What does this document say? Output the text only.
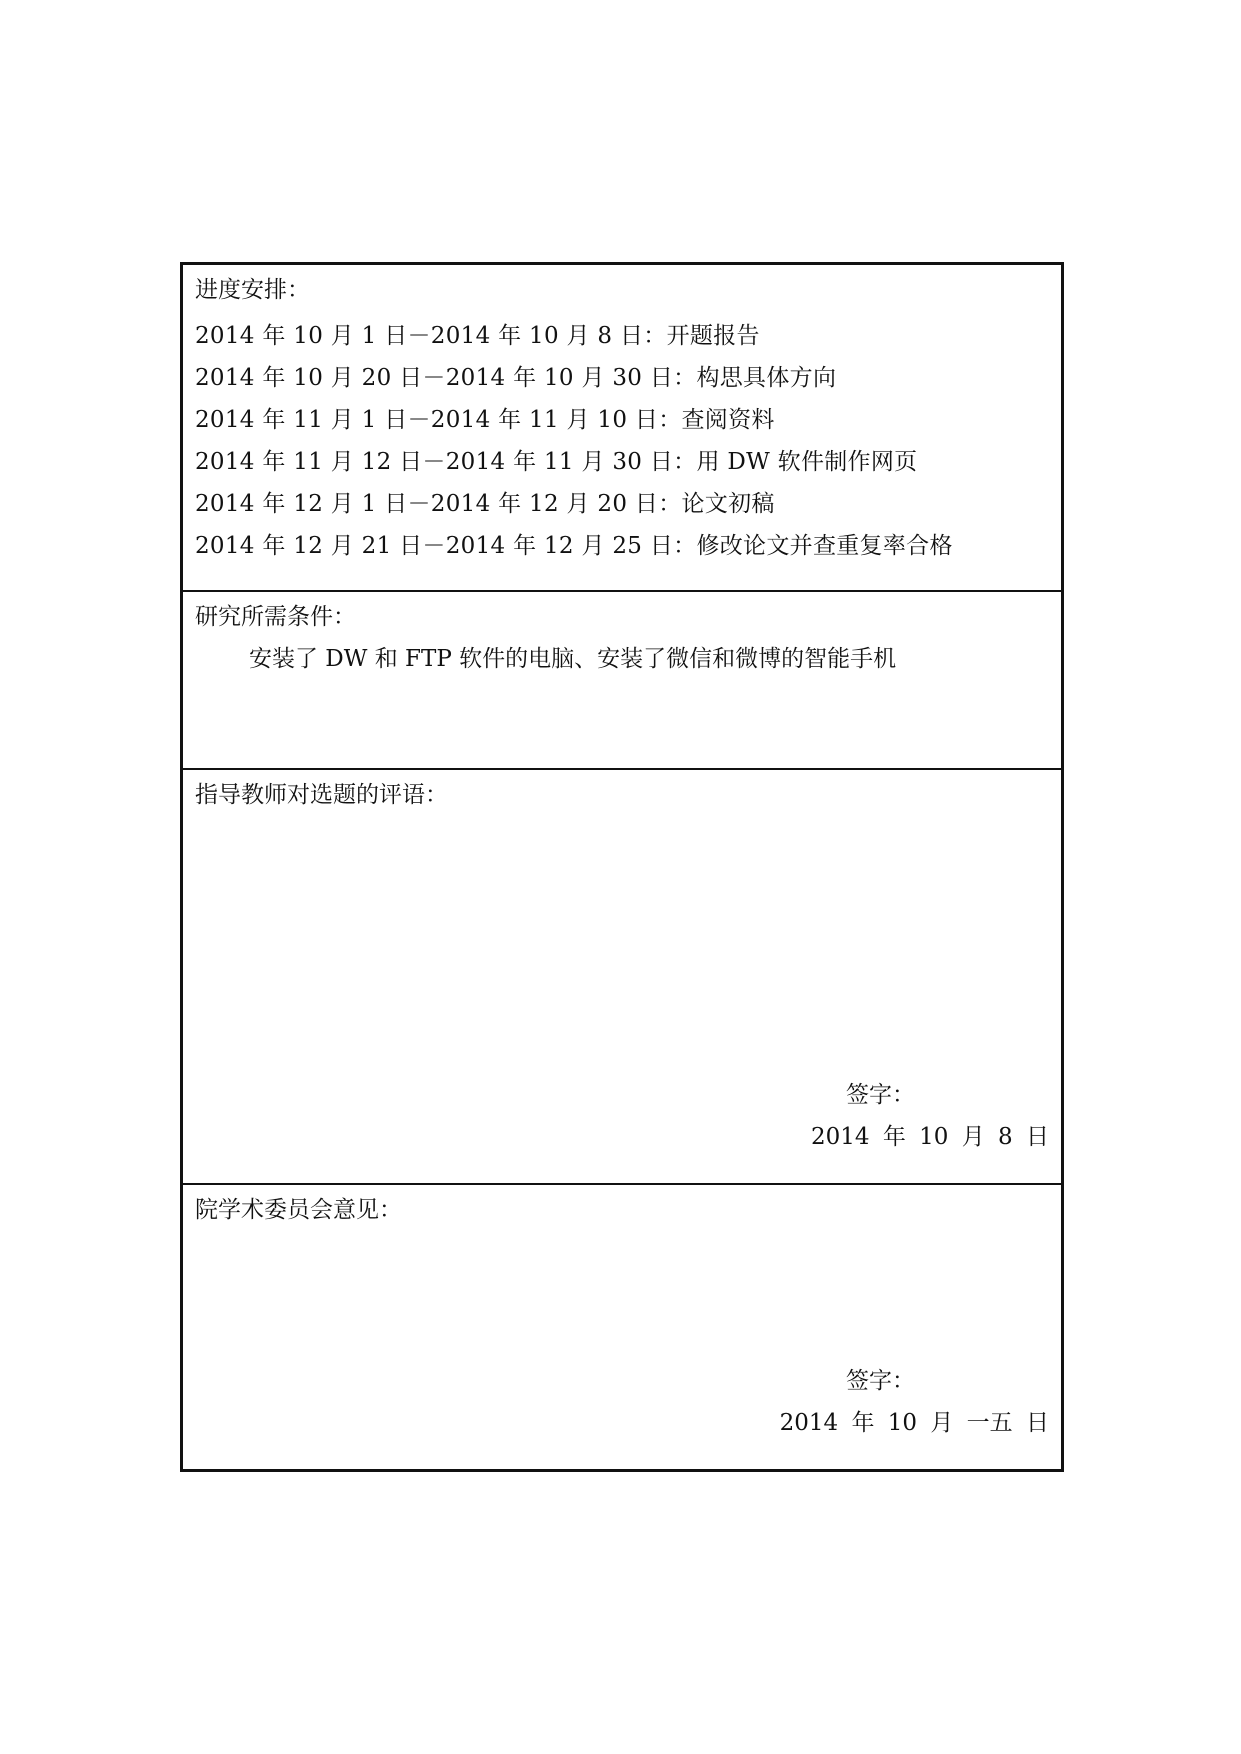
进度安排：
2014 年 10 月 1 日－2014 年 10 月 8 日：开题报告
2014 年 10 月 20 日－2014 年 10 月 30 日：构思具体方向
2014 年 11 月 1 日－2014 年 11 月 10 日：查阅资料
2014 年 11 月 12 日－2014 年 11 月 30 日：用 DW 软件制作网页
2014 年 12 月 1 日－2014 年 12 月 20 日：论文初稿
2014 年 12 月 21 日－2014 年 12 月 25 日：修改论文并查重复率合格
研究所需条件：
安装了 DW 和 FTP 软件的电脑、安装了微信和微博的智能手机
指导教师对选题的评语：
签字：
2014 年 10 月 8 日
院学术委员会意见：
签字：
2014 年 10 月 一五 日
